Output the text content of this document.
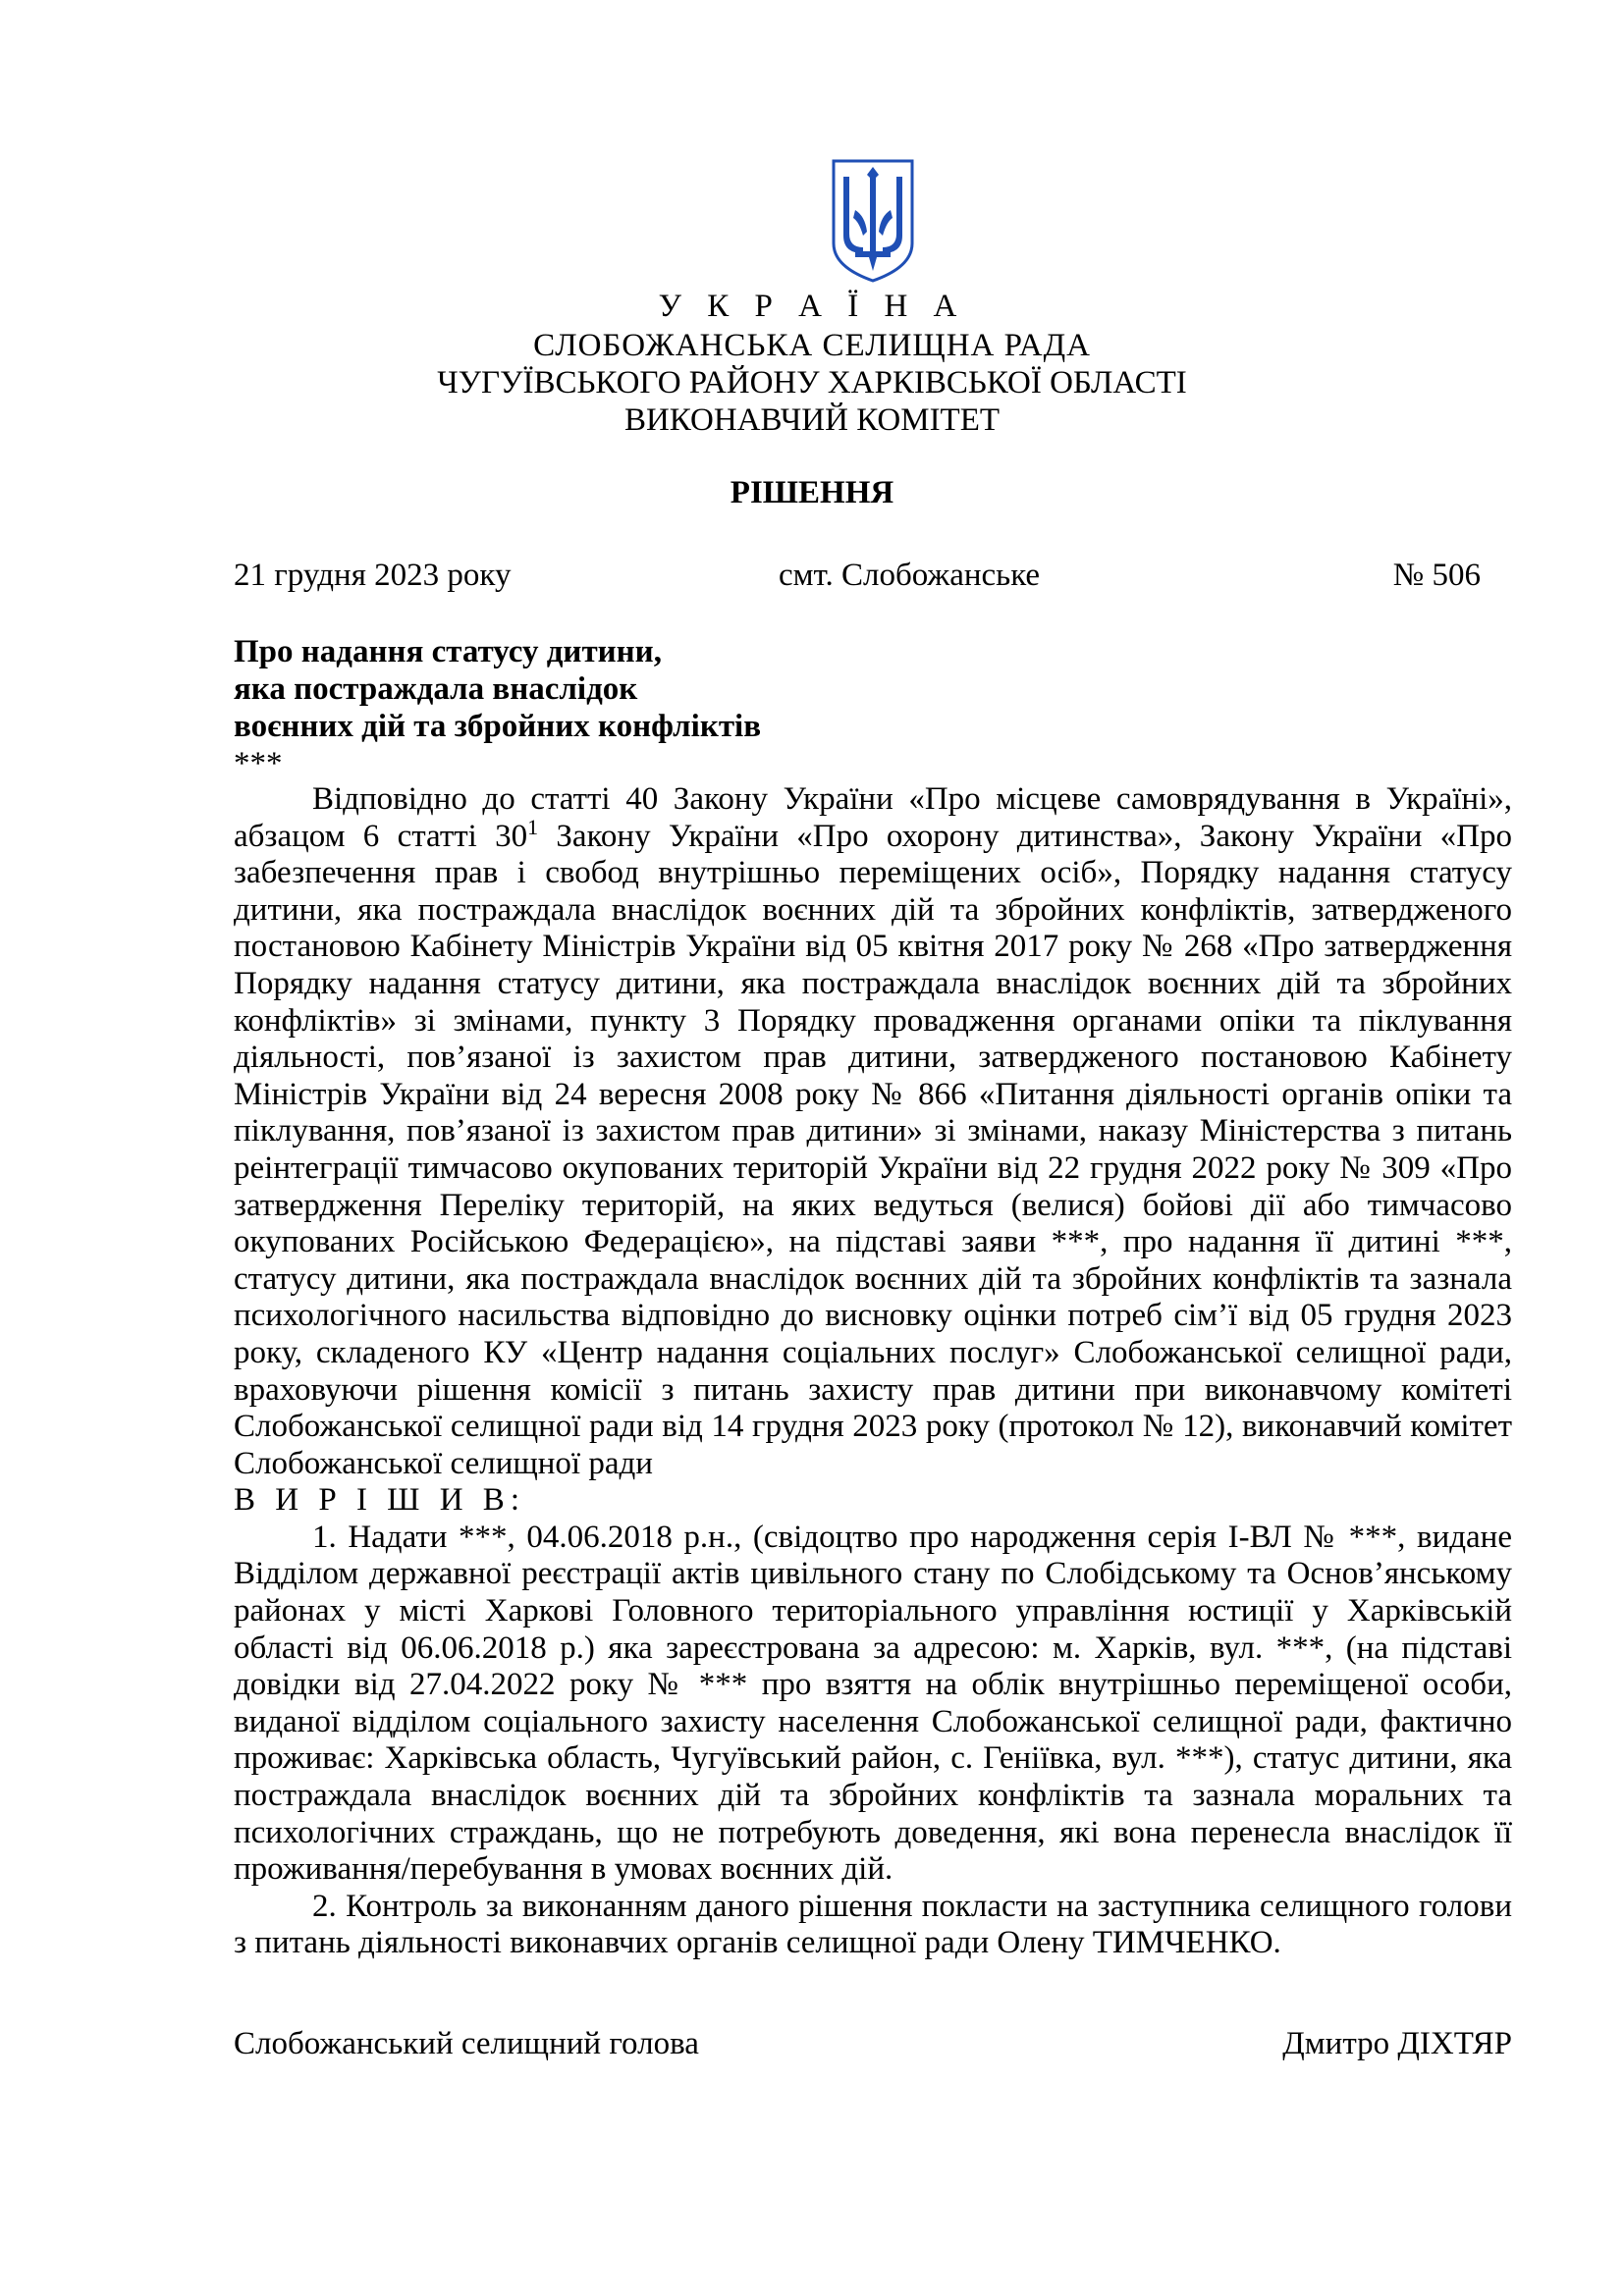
У К Р А Ї Н А
СЛОБОЖАНСЬКА СЕЛИЩНА РАДА
ЧУГУЇВСЬКОГО РАЙОНУ ХАРКІВСЬКОЇ ОБЛАСТІ
ВИКОНАВЧИЙ КОМІТЕТ
РІШЕННЯ
21 грудня 2023 року	смт. Слобожанське	№ 506
Про надання статусу дитини,
яка постраждала внаслідок
воєнних дій та збройних конфліктів
***

Відповідно до статті 40 Закону України «Про місцеве самоврядування в Україні», абзацом 6 статті $30^1$ Закону України «Про охорону дитинства», Закону України «Про забезпечення прав і свобод внутрішньо переміщених осіб», Порядку надання статусу дитини, яка постраждала внаслідок воєнних дій та збройних конфліктів, затвердженого постановою Кабінету Міністрів України від 05 квітня 2017 року № 268 «Про затвердження Порядку надання статусу дитини, яка постраждала внаслідок воєнних дій та збройних конфліктів» зі змінами, пункту 3 Порядку провадження органами опіки та піклування діяльності, пов’язаної із захистом прав дитини, затвердженого постановою Кабінету Міністрів України від 24 вересня 2008 року № 866 «Питання діяльності органів опіки та піклування, пов’язаної із захистом прав дитини» зі змінами, наказу Міністерства з питань реінтеграції тимчасово окупованих територій України від 22 грудня 2022 року № 309 «Про затвердження Переліку територій, на яких ведуться (велися) бойові дії або тимчасово окупованих Російською Федерацією», на підставі заяви ***, про надання її дитині ***, статусу дитини, яка постраждала внаслідок воєнних дій та збройних конфліктів та зазнала психологічного насильства відповідно до висновку оцінки потреб сім’ї від 05 грудня 2023 року, складеного КУ «Центр надання соціальних послуг» Слобожанської селищної ради, враховуючи рішення комісії з питань захисту прав дитини при виконавчому комітеті Слобожанської селищної ради від 14 грудня 2023 року (протокол № 12), виконавчий комітет Слобожанської селищної ради

В И Р І Ш И В:

1. Надати ***, 04.06.2018 р.н., (свідоцтво про народження серія І-ВЛ № ***, видане Відділом державної реєстрації актів цивільного стану по Слобідському та Основ’янському районах у місті Харкові Головного територіального управління юстиції у Харківській області від 06.06.2018 р.) яка зареєстрована за адресою: м. Харків, вул. ***, (на підставі довідки від 27.04.2022 року № *** про взяття на облік внутрішньо переміщеної особи, виданої відділом соціального захисту населення Слобожанської селищної ради, фактично проживає: Харківська область, Чугуївський район, с. Геніївка, вул. ***), статус дитини, яка постраждала внаслідок воєнних дій та збройних конфліктів та зазнала моральних та психологічних страждань, що не потребують доведення, які вона перенесла внаслідок її проживання/перебування в умовах воєнних дій.

2. Контроль за виконанням даного рішення покласти на заступника селищного голови з питань діяльності виконавчих органів селищної ради Олену ТИМЧЕНКО.

Слобожанський селищний голова	Дмитро ДІХТЯР
